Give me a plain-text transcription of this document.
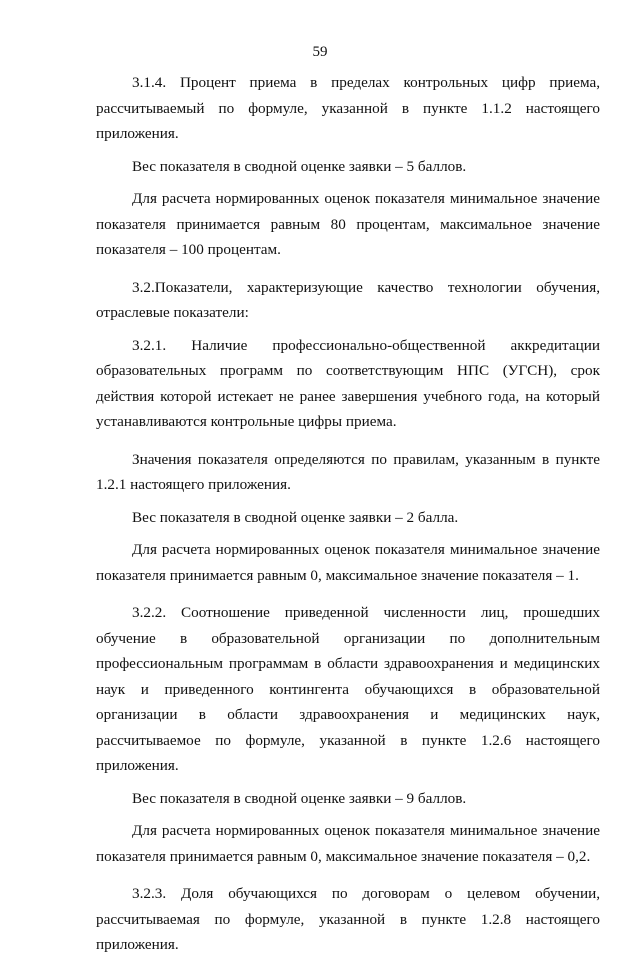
59

3.1.4. Процент приема в пределах контрольных цифр приема, рассчитываемый по формуле, указанной в пункте 1.1.2 настоящего приложения.

Вес показателя в сводной оценке заявки – 5 баллов.

Для расчета нормированных оценок показателя минимальное значение показателя принимается равным 80 процентам, максимальное значение показателя – 100 процентам.

3.2.Показатели, характеризующие качество технологии обучения, отраслевые показатели:

3.2.1. Наличие профессионально-общественной аккредитации образовательных программ по соответствующим НПС (УГСН), срок действия которой истекает не ранее завершения учебного года, на который устанавливаются контрольные цифры приема.

Значения показателя определяются по правилам, указанным в пункте 1.2.1 настоящего приложения.

Вес показателя в сводной оценке заявки – 2 балла.

Для расчета нормированных оценок показателя минимальное значение показателя принимается равным 0, максимальное значение показателя – 1.

3.2.2. Соотношение приведенной численности лиц, прошедших обучение в образовательной организации по дополнительным профессиональным программам в области здравоохранения и медицинских наук и приведенного контингента обучающихся в образовательной организации в области здравоохранения и медицинских наук, рассчитываемое по формуле, указанной в пункте 1.2.6 настоящего приложения.

Вес показателя в сводной оценке заявки – 9 баллов.

Для расчета нормированных оценок показателя минимальное значение показателя принимается равным 0, максимальное значение показателя – 0,2.

3.2.3. Доля обучающихся по договорам о целевом обучении, рассчитываемая по формуле, указанной в пункте 1.2.8 настоящего приложения.
